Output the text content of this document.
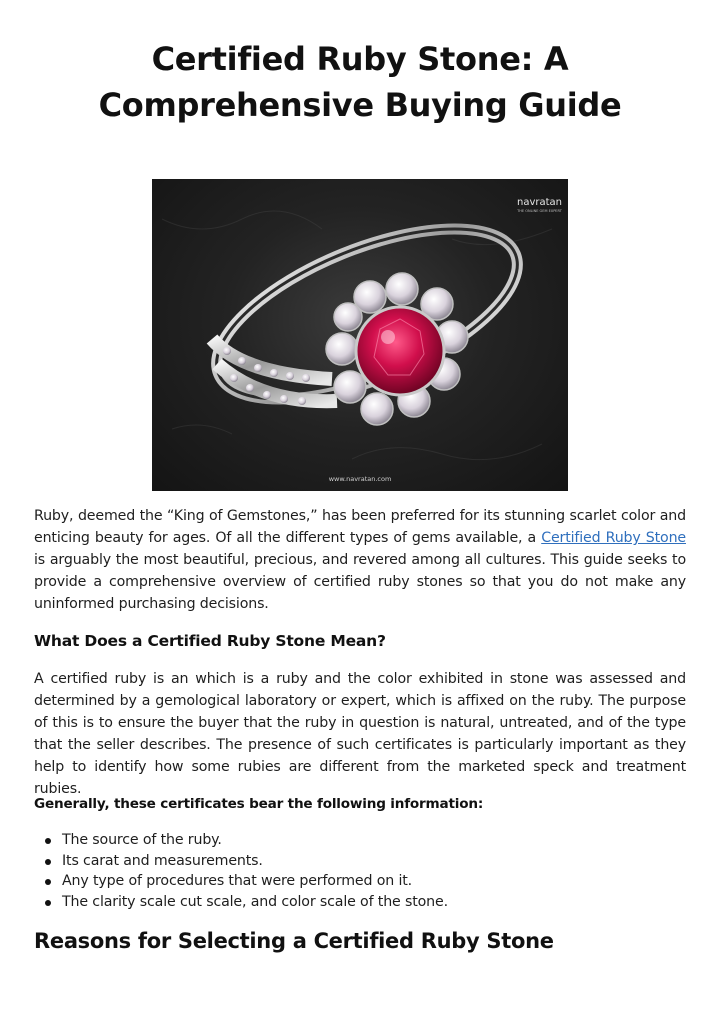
Certified Ruby Stone: A Comprehensive Buying Guide
navratan
THE ONLINE GEM EXPERT
www.navratan.com

Ruby, deemed the “King of Gemstones,” has been preferred for its stunning scarlet color and enticing beauty for ages. Of all the different types of gems available, a Certified Ruby Stone is arguably the most beautiful, precious, and revered among all cultures. This guide seeks to provide a comprehensive overview of certified ruby stones so that you do not make any uninformed purchasing decisions.

What Does a Certified Ruby Stone Mean?

A certified ruby is an which is a ruby and the color exhibited in stone was assessed and determined by a gemological laboratory or expert, which is affixed on the ruby. The purpose of this is to ensure the buyer that the ruby in question is natural, untreated, and of the type that the seller describes. The presence of such certificates is particularly important as they help to identify how some rubies are different from the marketed speck and treatment rubies.

Generally, these certificates bear the following information:
The source of the ruby.
Its carat and measurements.
Any type of procedures that were performed on it.
The clarity scale cut scale, and color scale of the stone.
Reasons for Selecting a Certified Ruby Stone
